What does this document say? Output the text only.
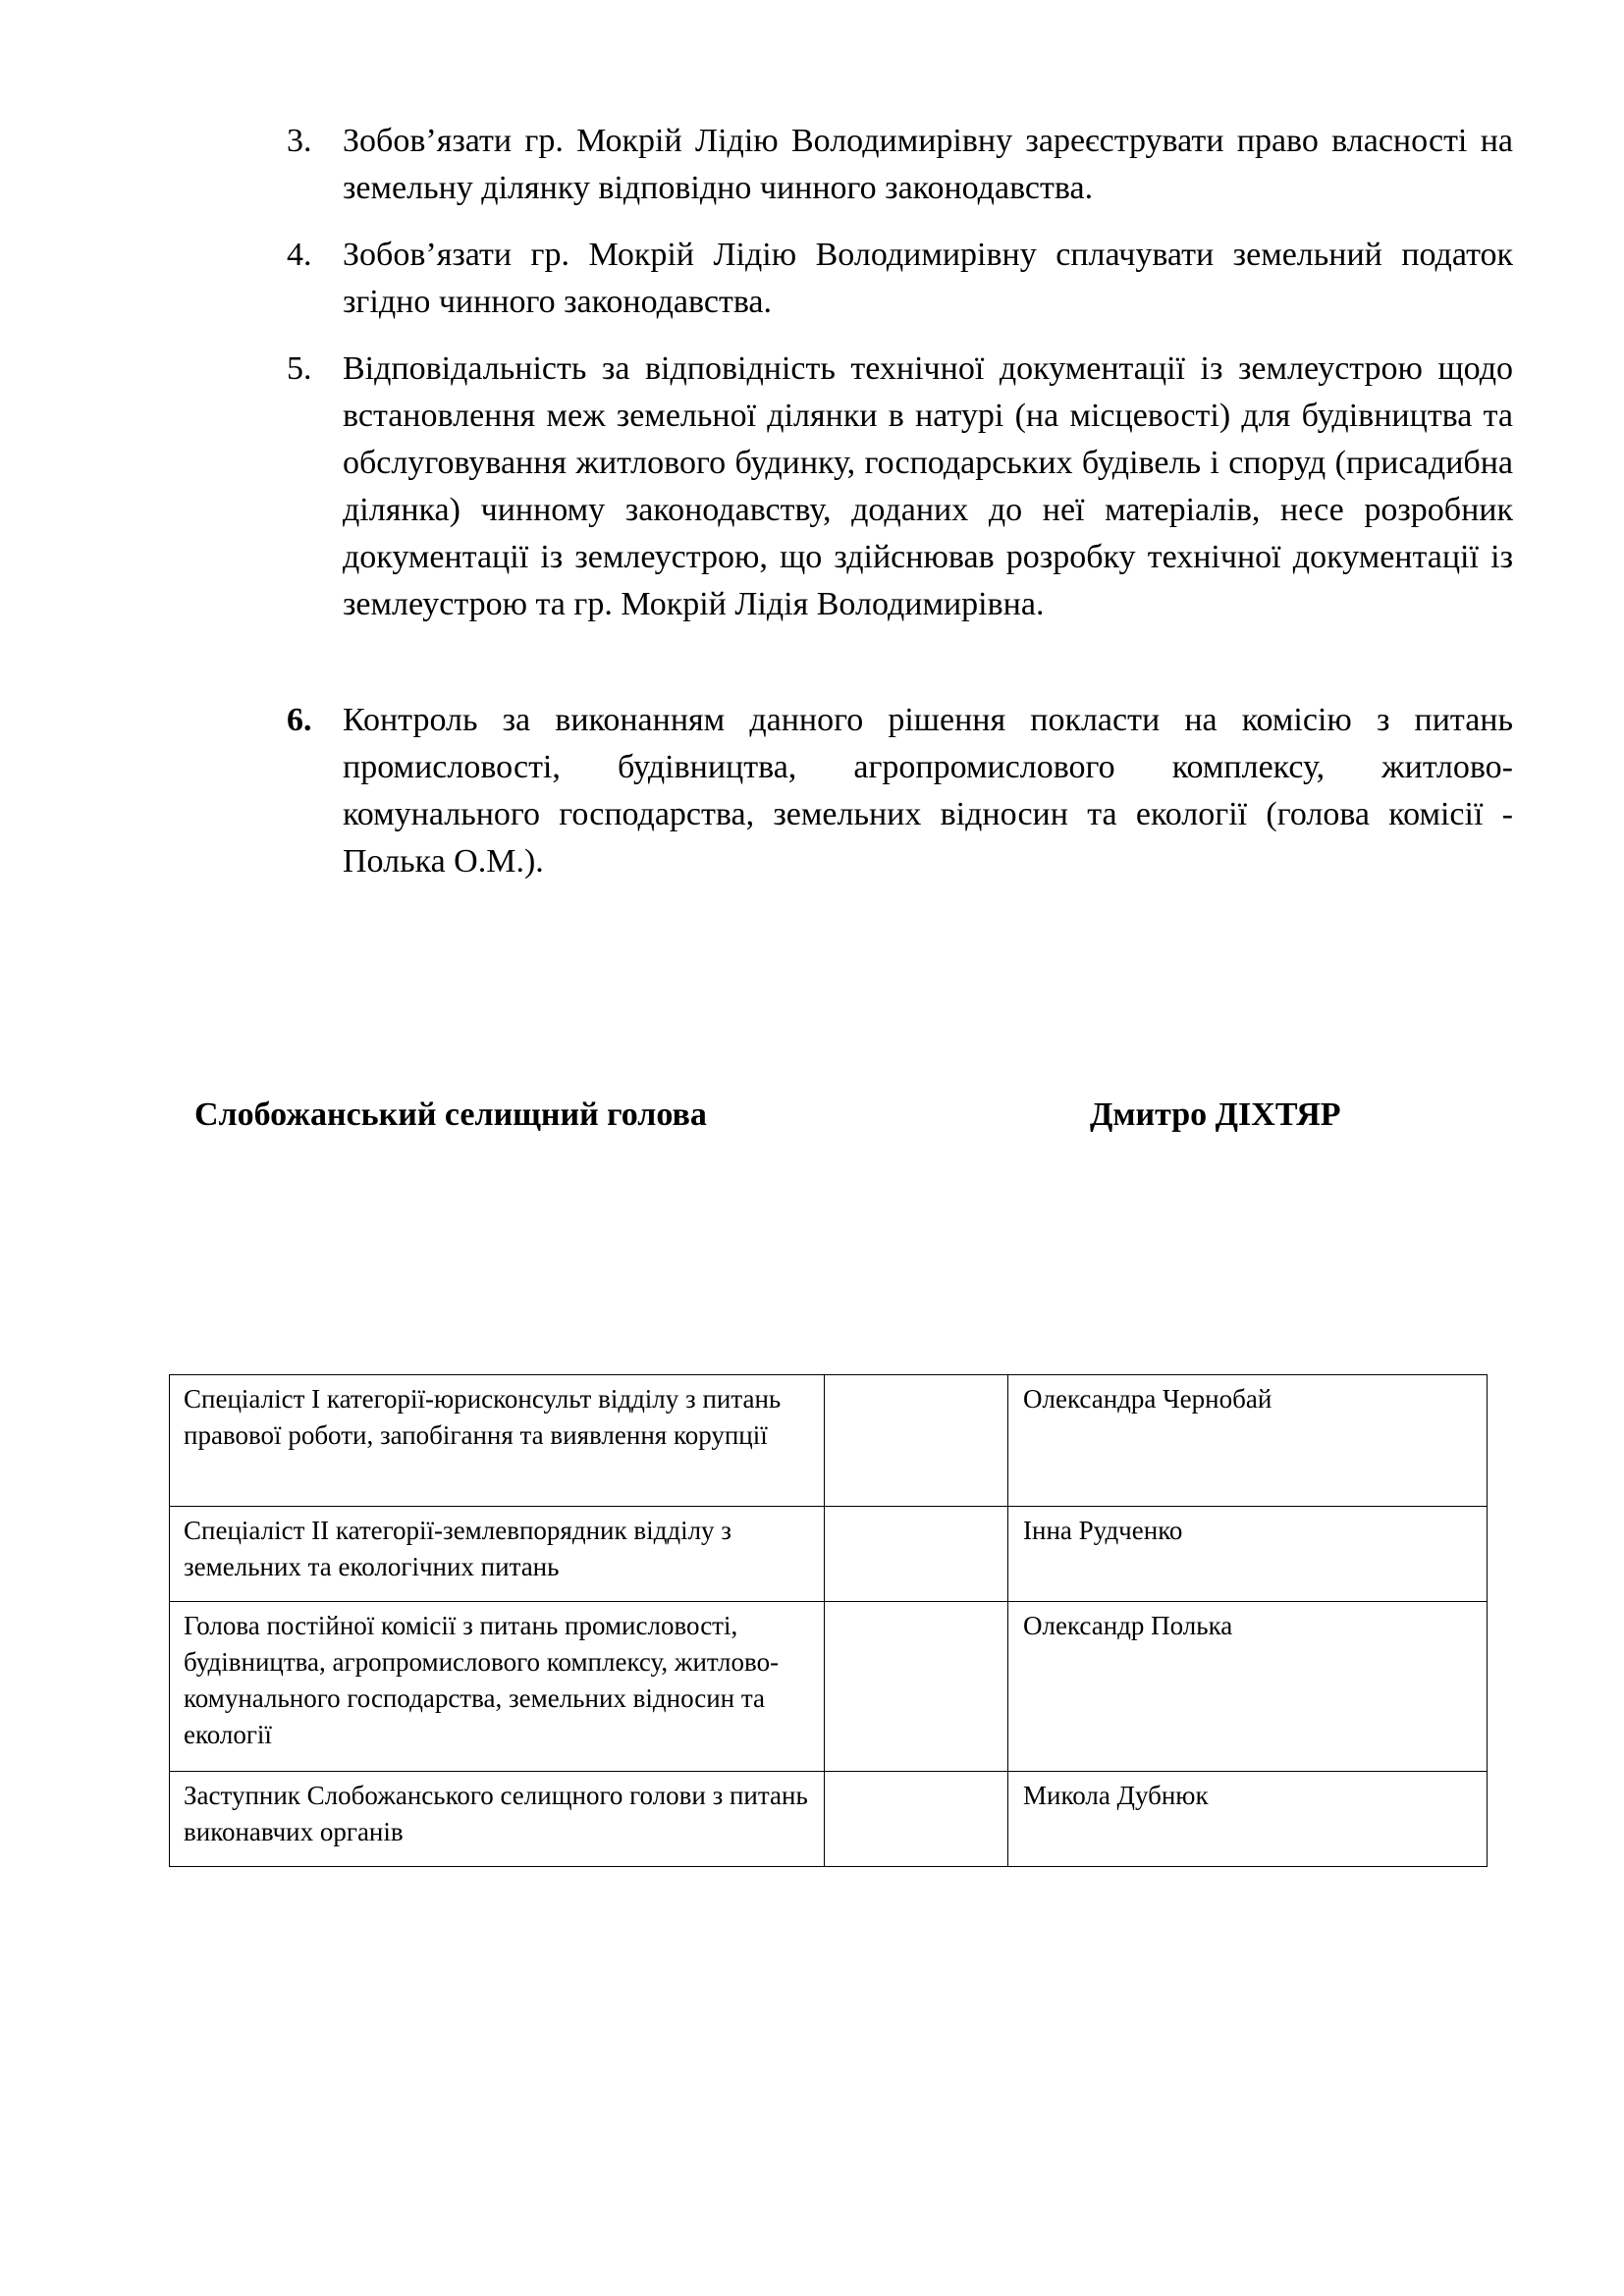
3. Зобов’язати гр. Мокрій Лідію Володимирівну зареєструвати право власності на земельну ділянку відповідно чинного законодавства.
4. Зобов’язати гр. Мокрій Лідію Володимирівну сплачувати земельний податок згідно чинного законодавства.
5. Відповідальність за відповідність технічної документації із землеустрою щодо встановлення меж земельної ділянки в натурі (на місцевості) для будівництва та обслуговування житлового будинку, господарських будівель і споруд (присадибна ділянка) чинному законодавству, доданих до неї матеріалів, несе розробник документації із землеустрою, що здійснював розробку технічної документації із землеустрою та гр. Мокрій Лідія Володимирівна.
6. Контроль за виконанням данного рішення покласти на комісію з питань промисловості, будівництва, агропромислового комплексу, житлово-комунального господарства, земельних відносин та екології (голова комісії - Полька О.М.).
Слобожанський селищний голова	Дмитро ДІХТЯР
Спеціаліст І категорії-юрисконсульт відділу з питань правової роботи, запобігання та виявлення корупції		Олександра Чернобай
Спеціаліст ІІ категорії-землевпорядник відділу з земельних та екологічних питань		Інна Рудченко
Голова постійної комісії з питань промисловості, будівництва, агропромислового комплексу, житлово-комунального господарства, земельних відносин та екології		Олександр Полька
Заступник Слобожанського селищного голови з питань виконавчих органів		Микола Дубнюк
